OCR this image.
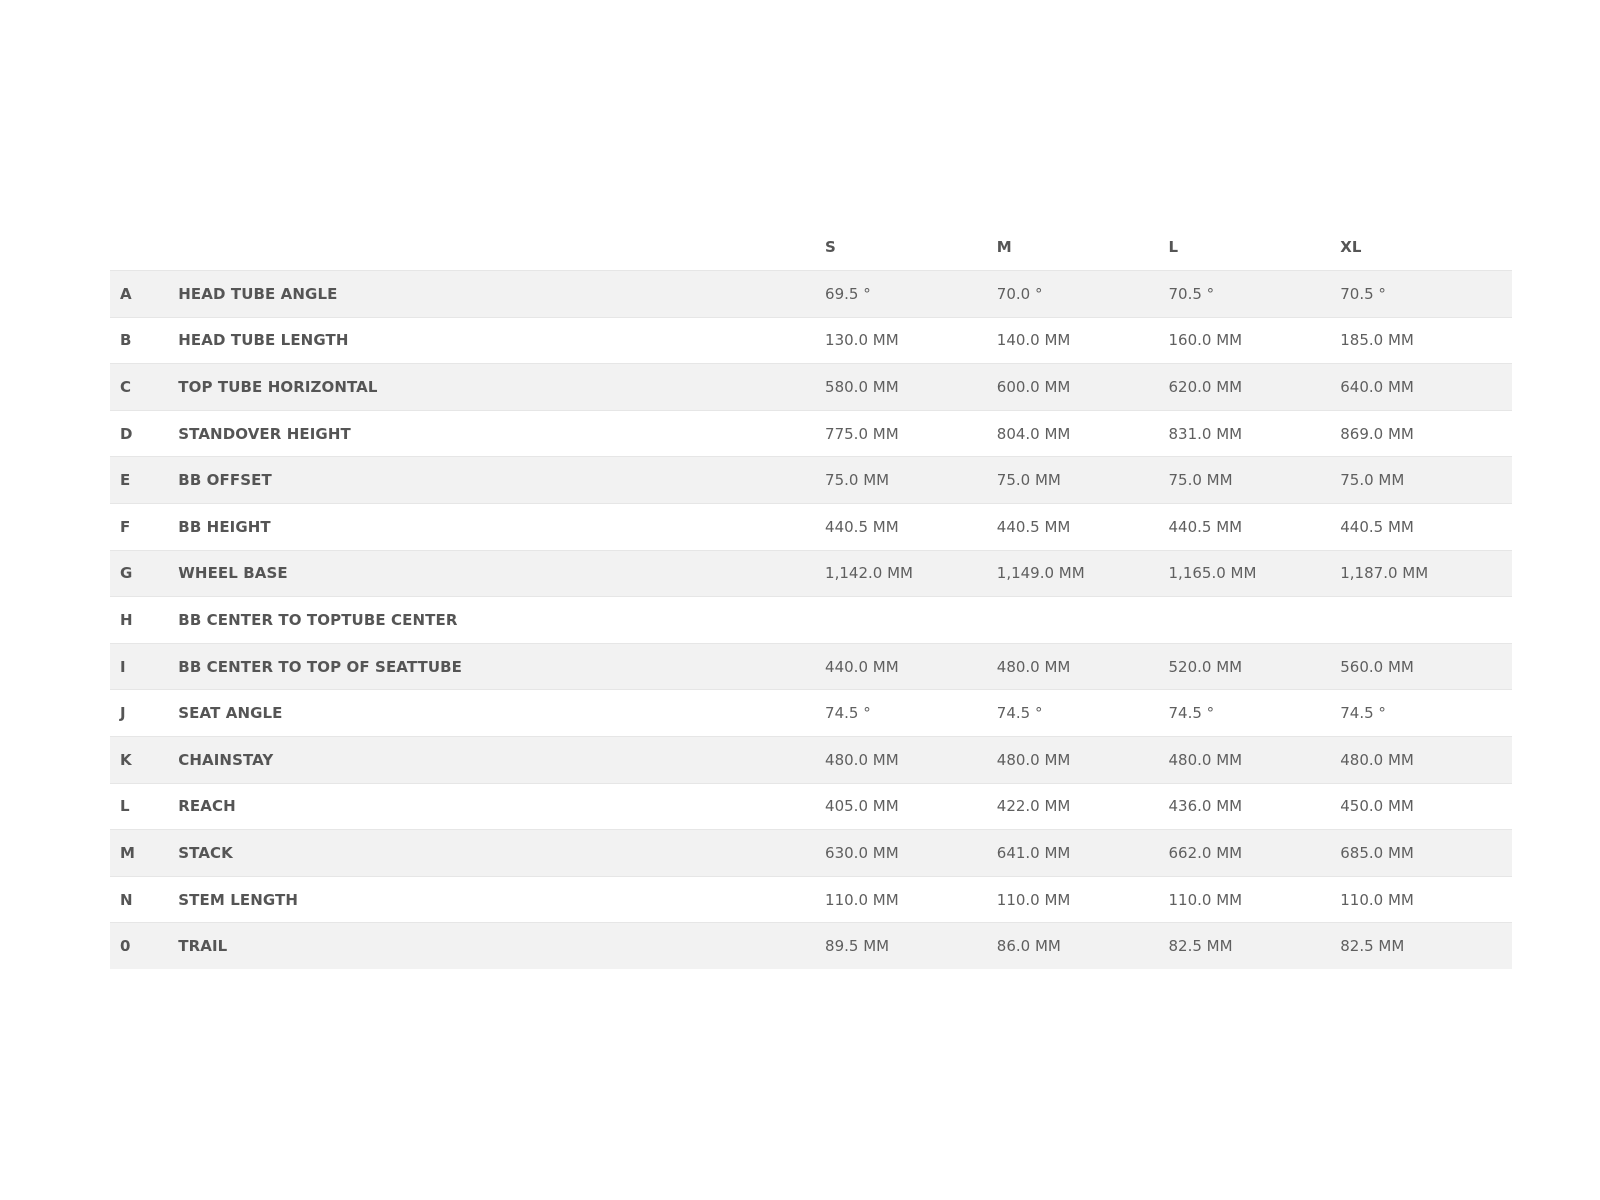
		S	M	L	XL
A	HEAD TUBE ANGLE	69.5 °	70.0 °	70.5 °	70.5 °
B	HEAD TUBE LENGTH	130.0 MM	140.0 MM	160.0 MM	185.0 MM
C	TOP TUBE HORIZONTAL	580.0 MM	600.0 MM	620.0 MM	640.0 MM
D	STANDOVER HEIGHT	775.0 MM	804.0 MM	831.0 MM	869.0 MM
E	BB OFFSET	75.0 MM	75.0 MM	75.0 MM	75.0 MM
F	BB HEIGHT	440.5 MM	440.5 MM	440.5 MM	440.5 MM
G	WHEEL BASE	1,142.0 MM	1,149.0 MM	1,165.0 MM	1,187.0 MM
H	BB CENTER TO TOPTUBE CENTER				
I	BB CENTER TO TOP OF SEATTUBE	440.0 MM	480.0 MM	520.0 MM	560.0 MM
J	SEAT ANGLE	74.5 °	74.5 °	74.5 °	74.5 °
K	CHAINSTAY	480.0 MM	480.0 MM	480.0 MM	480.0 MM
L	REACH	405.0 MM	422.0 MM	436.0 MM	450.0 MM
M	STACK	630.0 MM	641.0 MM	662.0 MM	685.0 MM
N	STEM LENGTH	110.0 MM	110.0 MM	110.0 MM	110.0 MM
0	TRAIL	89.5 MM	86.0 MM	82.5 MM	82.5 MM
